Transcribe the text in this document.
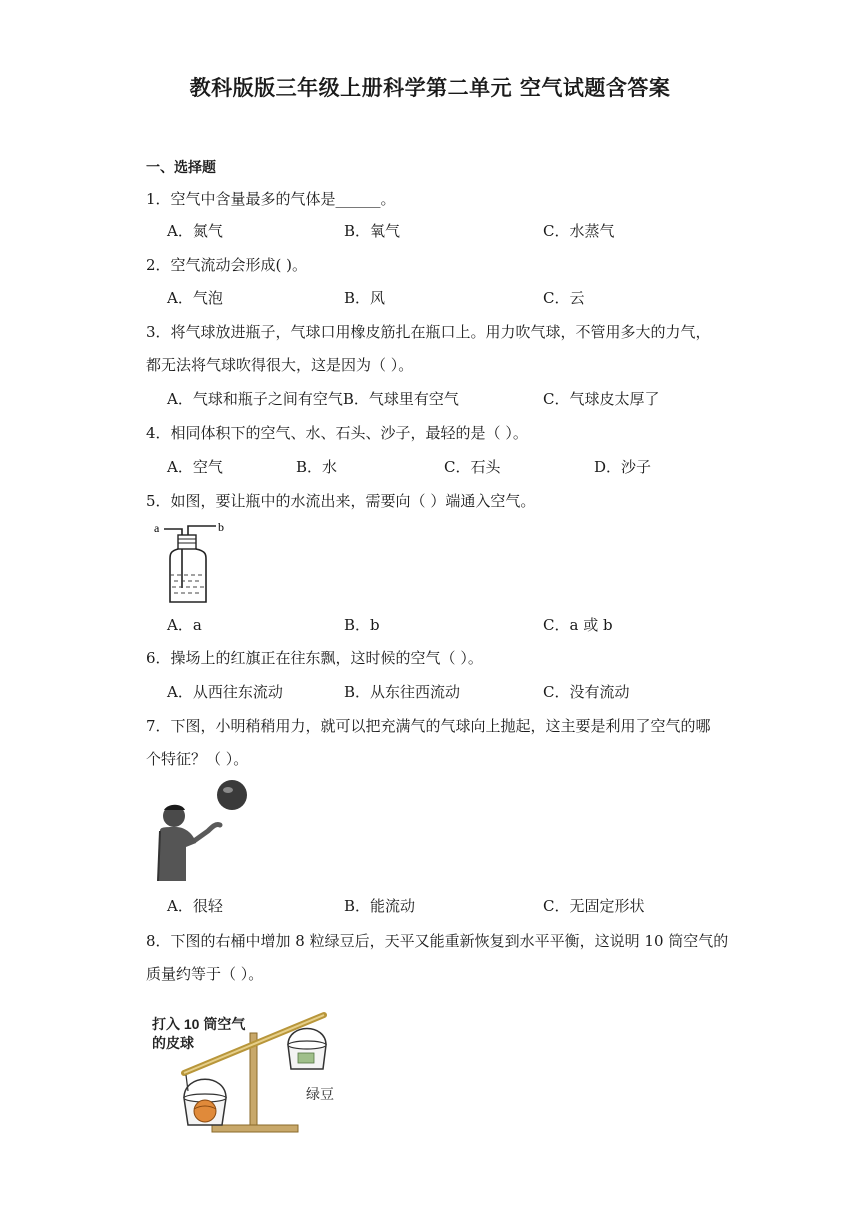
教科版版三年级上册科学第二单元 空气试题含答案
一、选择题
1．空气中含量最多的气体是______。
A．氮气	B．氧气	C．水蒸气
2．空气流动会形成( )。
A．气泡	B．风	C．云
3．将气球放进瓶子，气球口用橡皮筋扎在瓶口上。用力吹气球，不管用多大的力气，
都无法将气球吹得很大，这是因为（ ）。
A．气球和瓶子之间有空气B．气球里有空气	C．气球皮太厚了
4．相同体积下的空气、水、石头、沙子，最轻的是（ ）。
A．空气	B．水	C．石头	D．沙子
5．如图，要让瓶中的水流出来，需要向（ ）端通入空气。
a	b
A．a	B．b	C．a 或 b
6．操场上的红旗正在往东飘，这时候的空气（ ）。
A．从西往东流动	B．从东往西流动	C．没有流动
7．下图，小明稍稍用力，就可以把充满气的气球向上抛起，这主要是利用了空气的哪
个特征？（ ）。
A．很轻	B．能流动	C．无固定形状
8．下图的右桶中增加 8 粒绿豆后，天平又能重新恢复到水平平衡，这说明 10 筒空气的
质量约等于（ ）。
打入 10 筒空气
的皮球
绿豆
